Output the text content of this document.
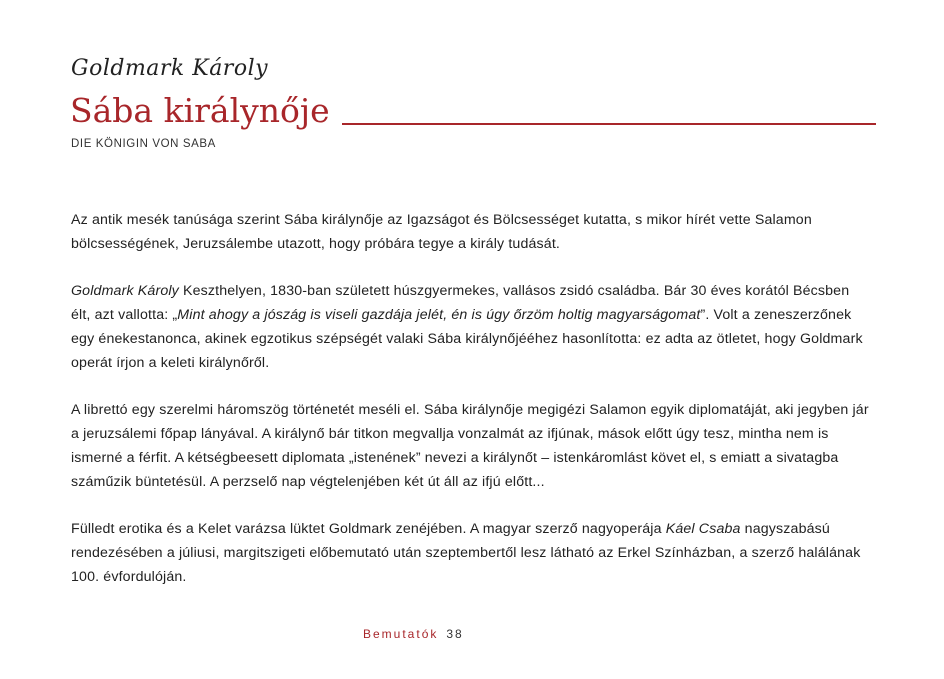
Goldmark Károly
Sába királynője
DIE KÖNIGIN VON SABA

Az antik mesék tanúsága szerint Sába királynője az Igazságot és Bölcsességet kutatta, s mikor hírét vette Salamon bölcsességének, Jeruzsálembe utazott, hogy próbára tegye a király tudását.

Goldmark Károly Keszthelyen, 1830-ban született húszgyermekes, vallásos zsidó családba. Bár 30 éves korától Bécsben élt, azt vallotta: „Mint ahogy a jószág is viseli gazdája jelét, én is úgy őrzöm holtig magyarságomat”. Volt a zeneszerzőnek egy énekestanonca, akinek egzotikus szépségét valaki Sába királynőjééhez hasonlította: ez adta az ötletet, hogy Goldmark operát írjon a keleti királynőről.

A librettó egy szerelmi háromszög történetét meséli el. Sába királynője megigézi Salamon egyik diplomatáját, aki jegyben jár a jeruzsálemi főpap lányával. A királynő bár titkon megvallja vonzalmát az ifjúnak, mások előtt úgy tesz, mintha nem is ismerné a férfit. A kétségbeesett diplomata „istenének” nevezi a királynőt – istenkáromlást követ el, s emiatt a sivatagba száműzik büntetésül. A perzselő nap végtelenjében két út áll az ifjú előtt...

Fülledt erotika és a Kelet varázsa lüktet Goldmark zenéjében. A magyar szerző nagyoperája Káel Csaba nagyszabású rendezésében a júliusi, margitszigeti előbemutató után szeptembertől lesz látható az Erkel Színházban, a szerző halálának 100. évfordulóján.

Bemutatók 38
